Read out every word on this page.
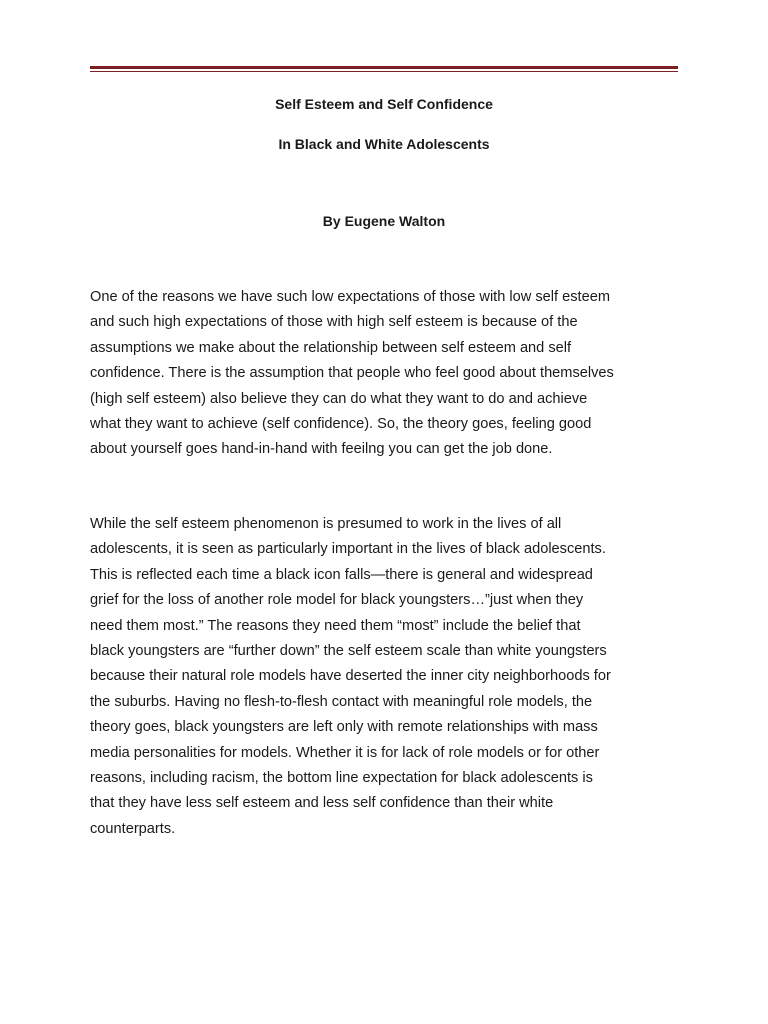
Self Esteem and Self Confidence
In Black and White Adolescents
By Eugene Walton

One of the reasons we have such low expectations of those with low self esteem
and such high expectations of those with high self esteem is because of the
assumptions we make about the relationship between self esteem and self
confidence. There is the assumption that people who feel good about themselves
(high self esteem) also believe they can do what they want to do and achieve
what they want to achieve (self confidence). So, the theory goes, feeling good
about yourself goes hand-in-hand with feeilng you can get the job done.

While the self esteem phenomenon is presumed to work in the lives of all
adolescents, it is seen as particularly important in the lives of black adolescents.
This is reflected each time a black icon falls—there is general and widespread
grief for the loss of another role model for black youngsters…”just when they
need them most.” The reasons they need them “most” include the belief that
black youngsters are “further down” the self esteem scale than white youngsters
because their natural role models have deserted the inner city neighborhoods for
the suburbs. Having no flesh-to-flesh contact with meaningful role models, the
theory goes, black youngsters are left only with remote relationships with mass
media personalities for models. Whether it is for lack of role models or for other
reasons, including racism, the bottom line expectation for black adolescents is
that they have less self esteem and less self confidence than their white
counterparts.
